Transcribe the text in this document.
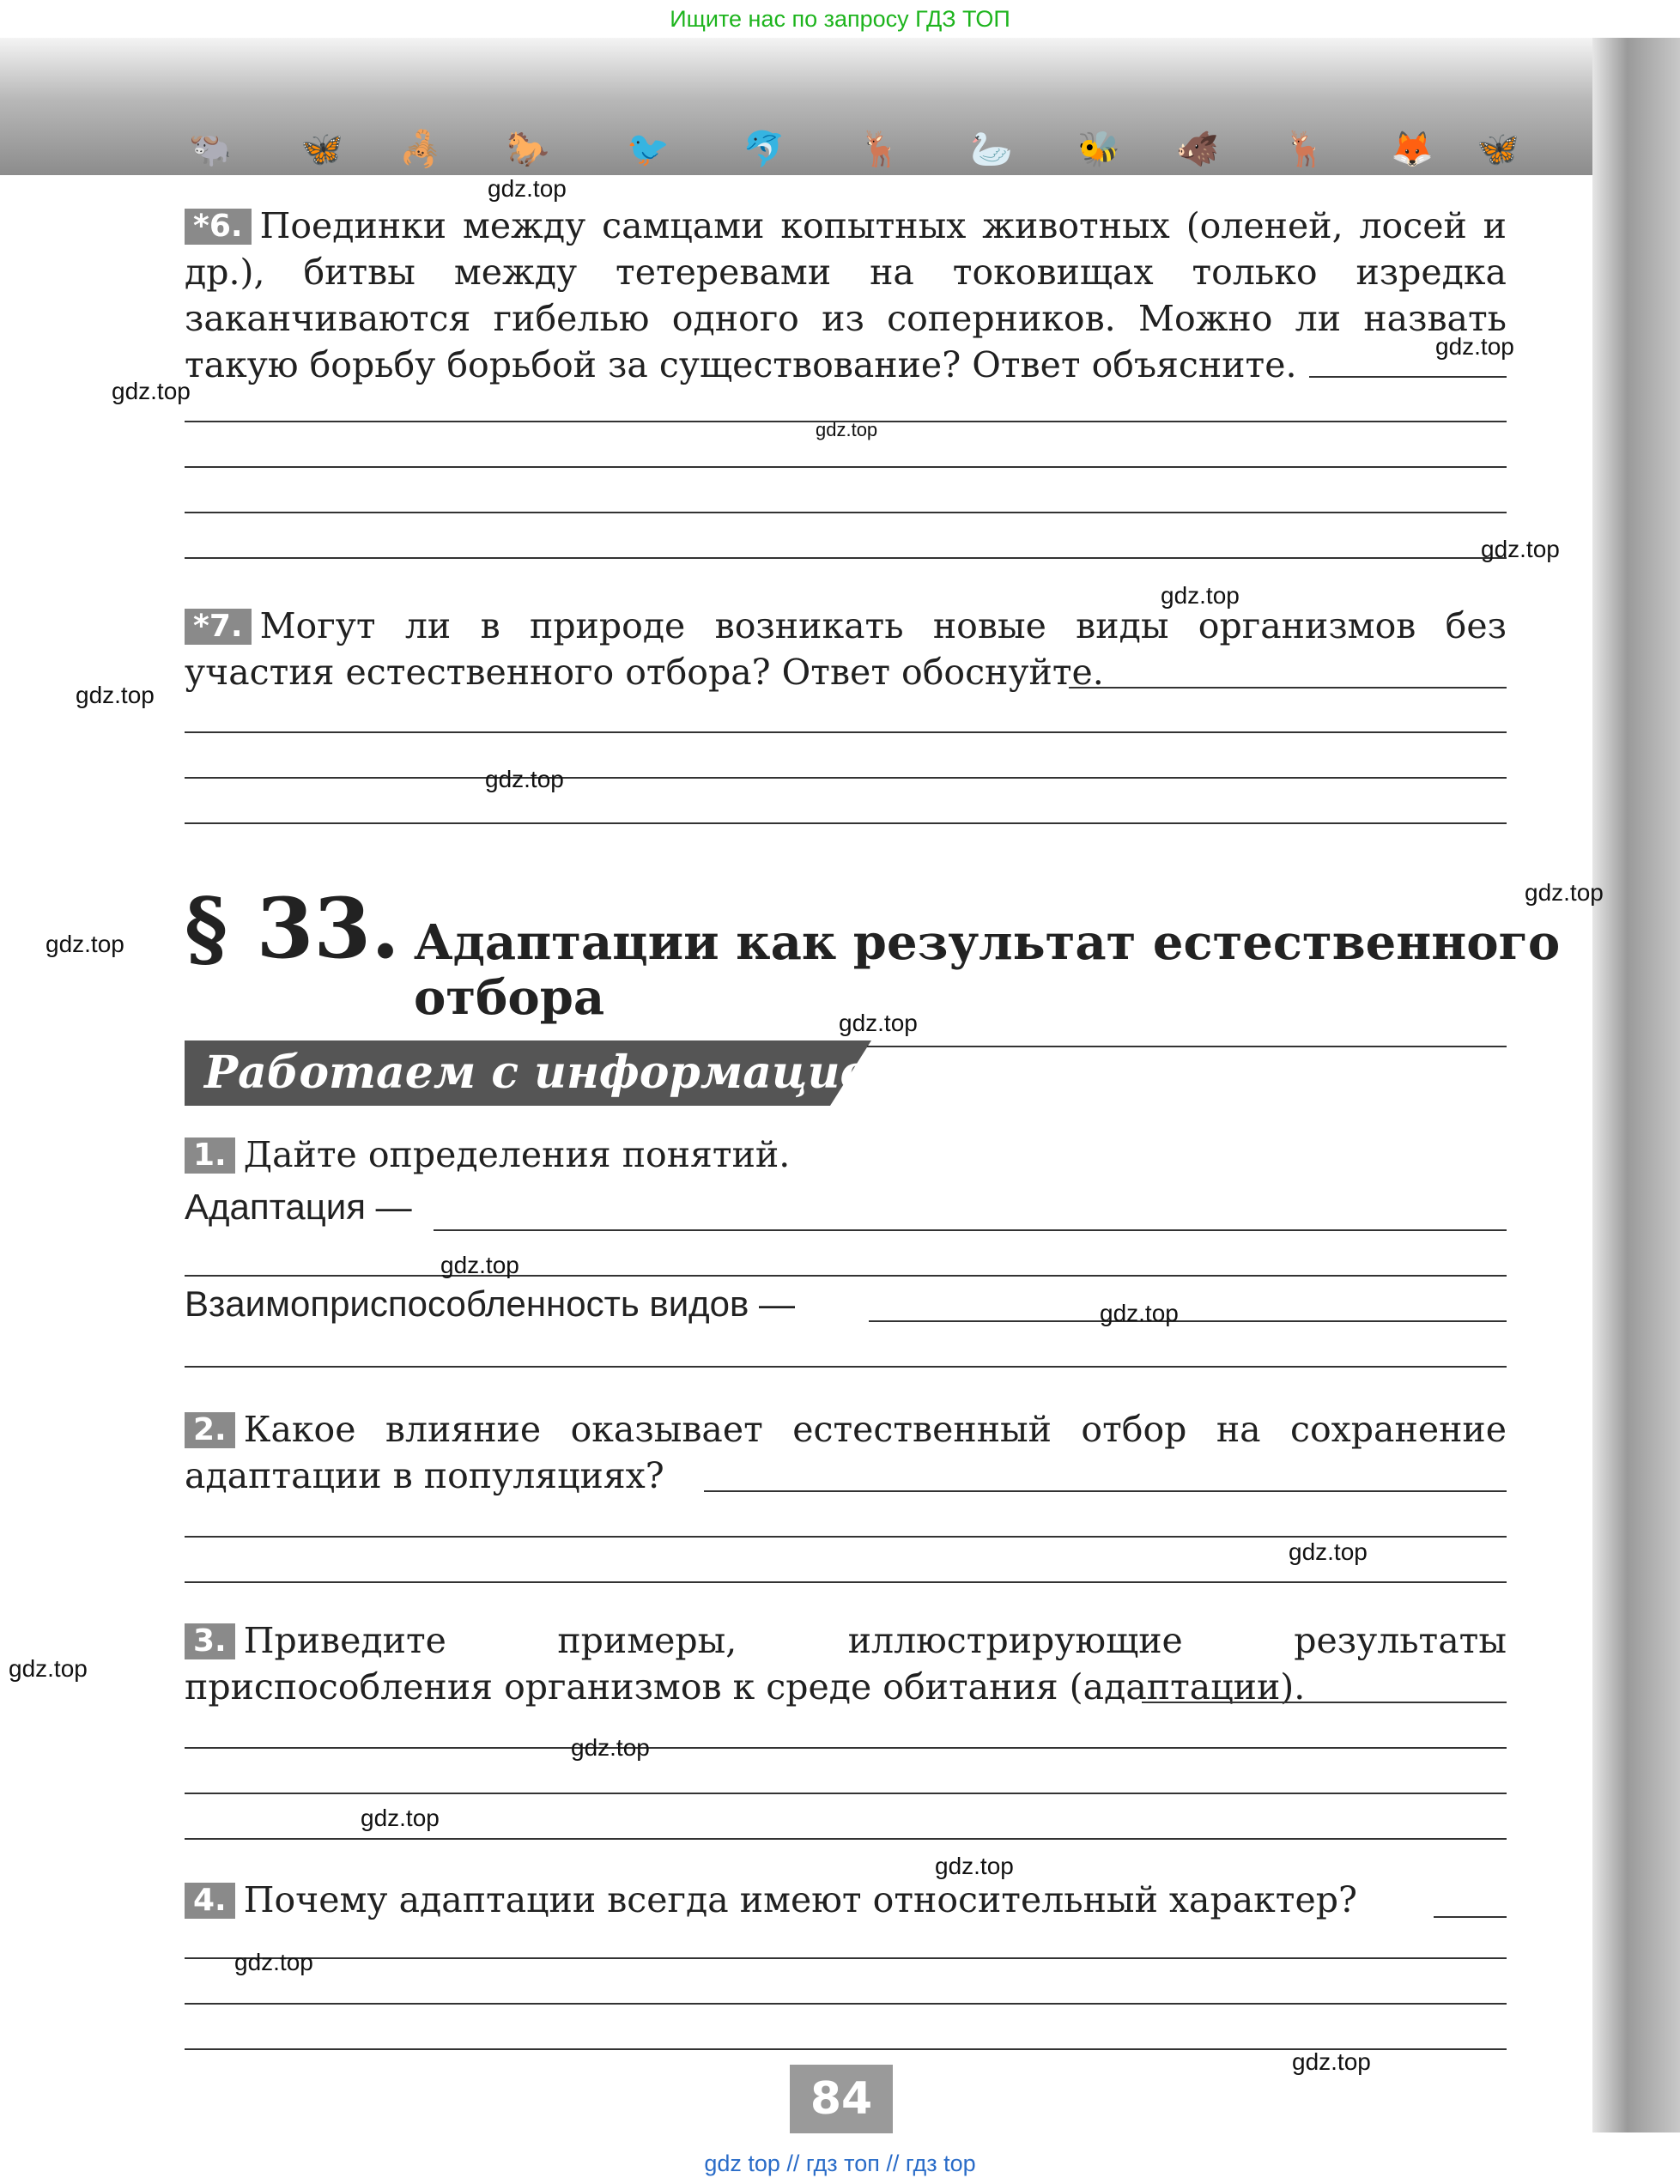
Ищите нас по запросу ГДЗ ТОП
🐃 🦋 🦂 🐎 🐦 🐬 🦌 🦢 🐝 🐗 🦌 🦊 🦋
*6. Поединки между самцами копытных животных (оленей, лосей и др.), битвы между тетеревами на токовищах только изредка заканчиваются гибелью одного из соперников. Можно ли назвать такую борьбу борьбой за существование? Ответ объясните.
*7. Могут ли в природе возникать новые виды организмов без участия естественного отбора? Ответ обоснуйте.
§ 33. Адаптации как результат естественного
отбора
Работаем с информацией
1. Дайте определения понятий.
Адаптация —
Взаимоприспособленность видов —
2. Какое влияние оказывает естественный отбор на сохранение адаптации в популяциях?
3. Приведите примеры, иллюстрирующие результаты приспособления организмов к среде обитания (адаптации).
4. Почему адаптации всегда имеют относительный характер?
84
gdz top // гдз топ // гдз top
gdz.top
gdz.top
gdz.top
gdz.top
gdz.top
gdz.top
gdz.top
gdz.top
gdz.top
gdz.top
gdz.top
gdz.top
gdz.top
gdz.top
gdz.top
gdz.top
gdz.top
gdz.top
gdz.top
gdz.top
